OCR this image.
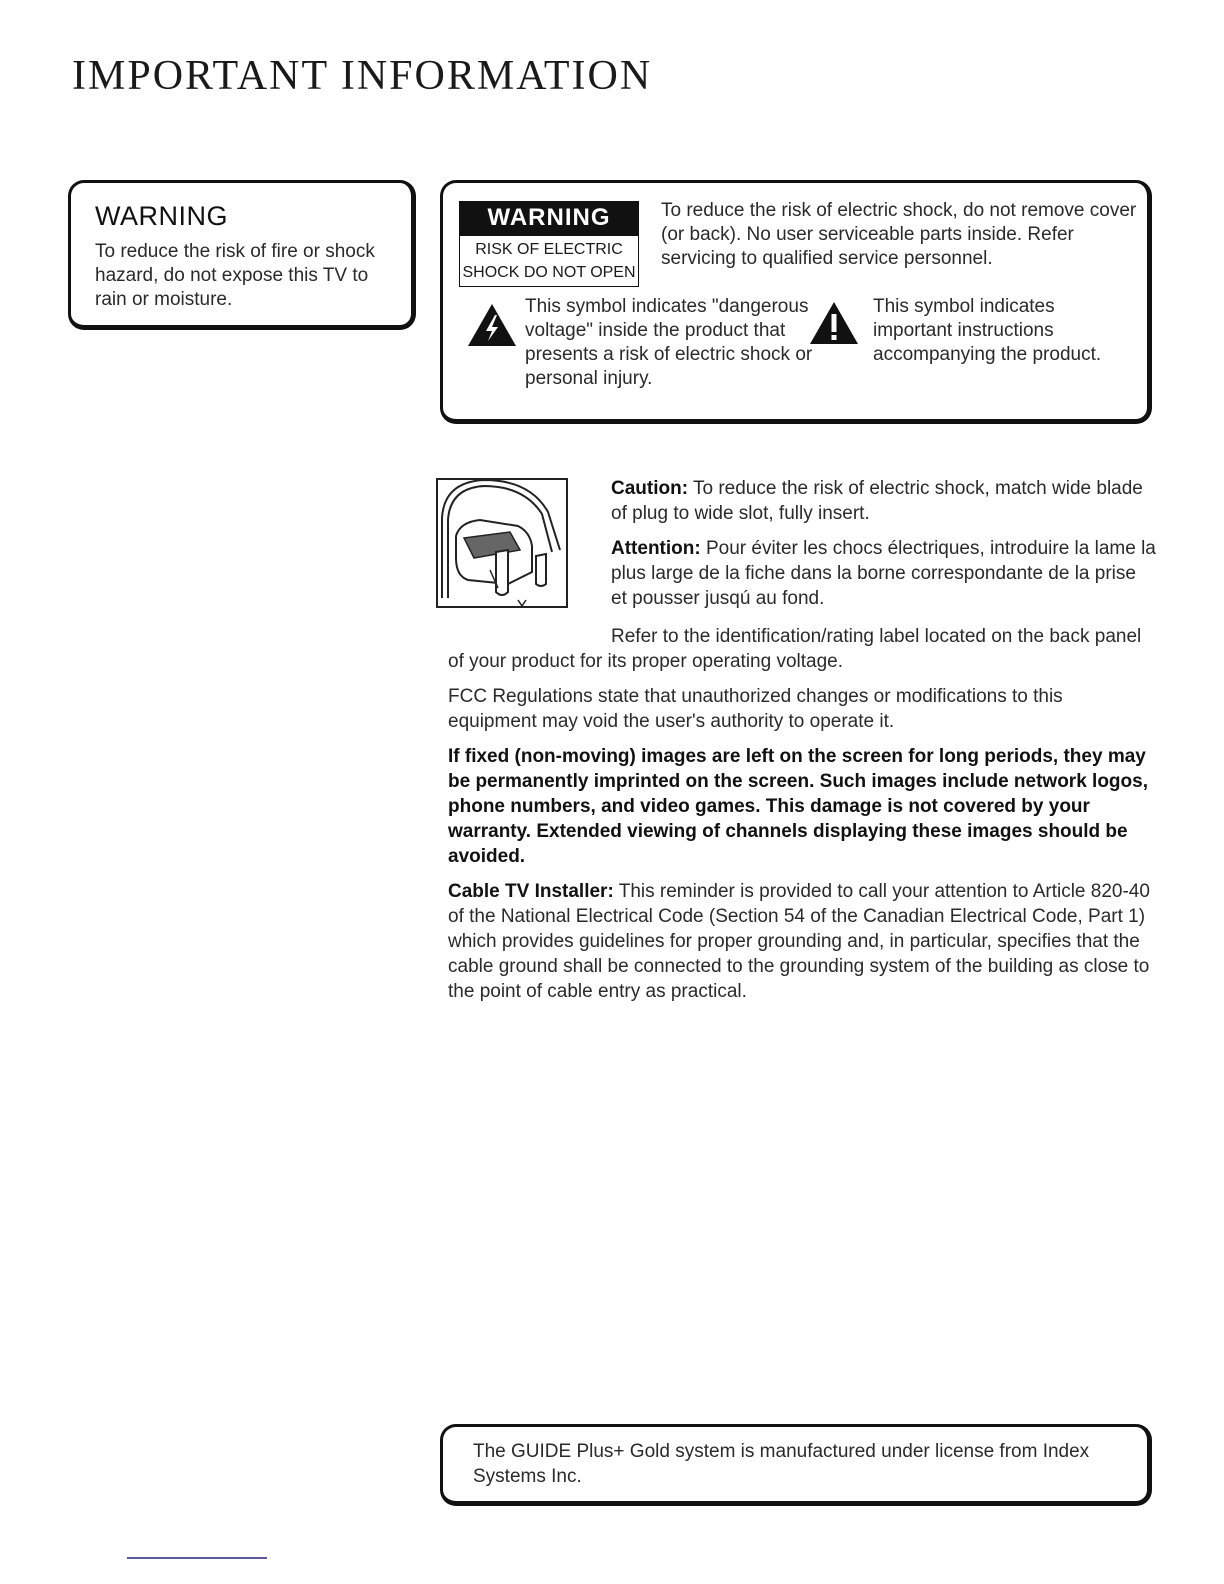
IMPORTANT INFORMATION
WARNING
To reduce the risk of fire or shock hazard, do not expose this TV to rain or moisture.
WARNING
RISK OF ELECTRIC
SHOCK DO NOT OPEN
To reduce the risk of electric shock, do not remove cover (or back). No user serviceable parts inside. Refer servicing to qualified service personnel.
This symbol indicates "dangerous voltage" inside the product that presents a risk of electric shock or personal injury.
This symbol indicates important instructions accompanying the product.

Caution: To reduce the risk of electric shock, match wide blade of plug to wide slot, fully insert.

Attention: Pour éviter les chocs électriques, introduire la lame la plus large de la fiche dans la borne correspondante de la prise et pousser jusqú au fond.

Refer to the identification/rating label located on the back panel of your product for its proper operating voltage.

FCC Regulations state that unauthorized changes or modifications to this equipment may void the user's authority to operate it.

If fixed (non-moving) images are left on the screen for long periods, they may be permanently imprinted on the screen. Such images include network logos, phone numbers, and video games. This damage is not covered by your warranty. Extended viewing of channels displaying these images should be avoided.

Cable TV Installer: This reminder is provided to call your attention to Article 820-40 of the National Electrical Code (Section 54 of the Canadian Electrical Code, Part 1) which provides guidelines for proper grounding and, in particular, specifies that the cable ground shall be connected to the grounding system of the building as close to the point of cable entry as practical.

The GUIDE Plus+ Gold system is manufactured under license from Index Systems Inc.
